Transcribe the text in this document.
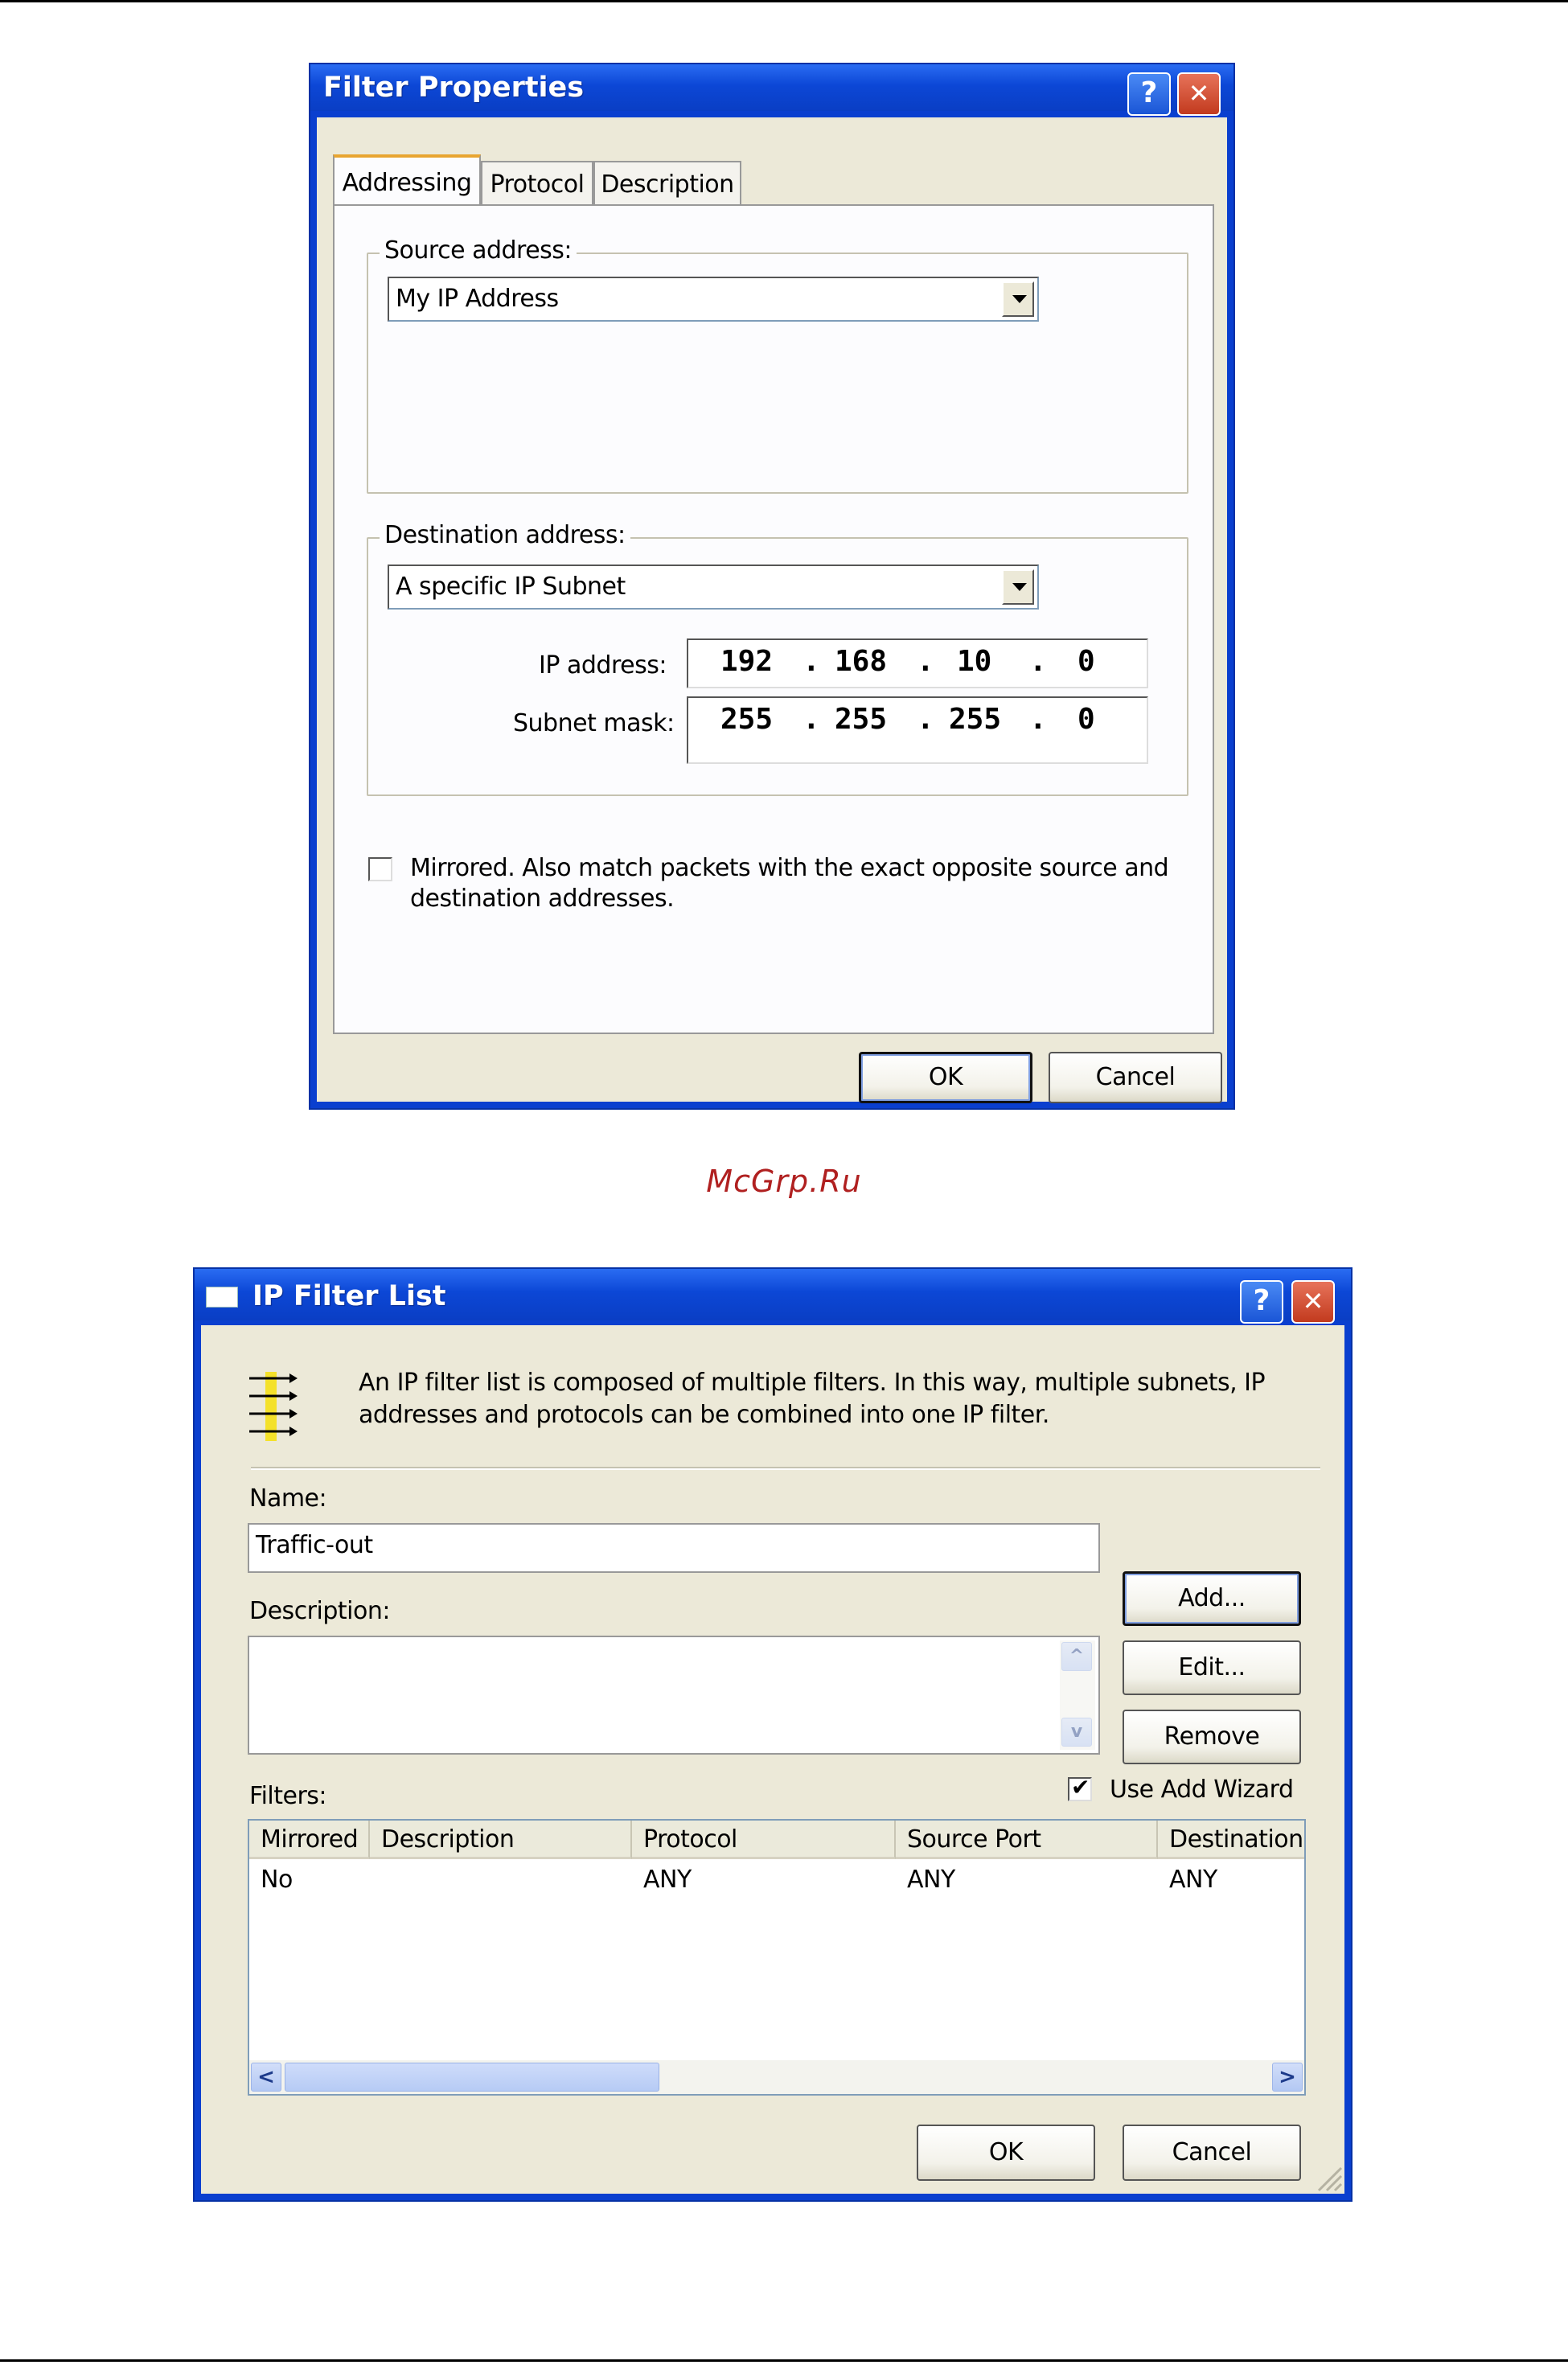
Filter Properties	?	✕
Addressing Protocol Description
Source address:
My IP Address
Destination address:
A specific IP Subnet
IP address: 192 . 168 . 10 . 0
Subnet mask: 255 . 255 . 255 . 0
Mirrored. Also match packets with the exact opposite source and
destination addresses.
OK	Cancel
McGrp.Ru
IP Filter List	?	✕
An IP filter list is composed of multiple filters. In this way, multiple subnets, IP
addresses and protocols can be combined into one IP filter.
Name:
Traffic-out
Description:
^
v
Add...
Edit...
Remove
Filters:
✔	Use Add Wizard
Mirrored Description	Protocol	Source Port	Destination
No	ANY	ANY	ANY
<	>
OK	Cancel
